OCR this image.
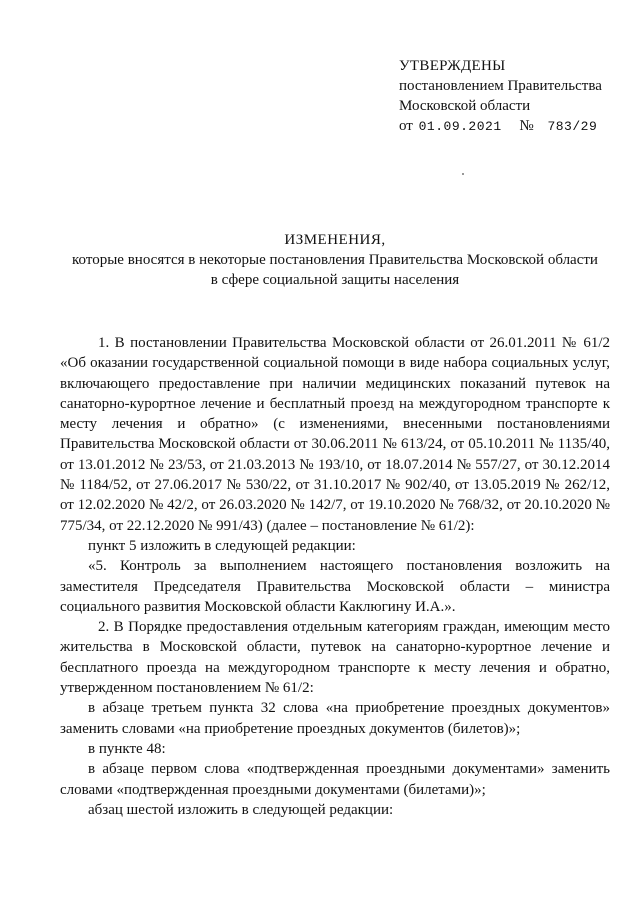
УТВЕРЖДЕНЫ
постановлением Правительства
Московской области
от 01.09.2021 № 783/29
ИЗМЕНЕНИЯ,
которые вносятся в некоторые постановления Правительства Московской области
в сфере социальной защиты населения

1. В постановлении Правительства Московской области от 26.01.2011 № 61/2 «Об оказании государственной социальной помощи в виде набора социальных услуг, включающего предоставление при наличии медицинских показаний путевок на санаторно-курортное лечение и бесплатный проезд на междугородном транспорте к месту лечения и обратно» (с изменениями, внесенными постановлениями Правительства Московской области от 30.06.2011 № 613/24, от 05.10.2011 № 1135/40, от 13.01.2012 № 23/53, от 21.03.2013 № 193/10, от 18.07.2014 № 557/27, от 30.12.2014 № 1184/52, от 27.06.2017 № 530/22, от 31.10.2017 № 902/40, от 13.05.2019 № 262/12, от 12.02.2020 № 42/2, от 26.03.2020 № 142/7, от 19.10.2020 № 768/32, от 20.10.2020 № 775/34, от 22.12.2020 № 991/43) (далее – постановление № 61/2):

пункт 5 изложить в следующей редакции:

«5. Контроль за выполнением настоящего постановления возложить на заместителя Председателя Правительства Московской области – министра социального развития Московской области Каклюгину И.А.».

2. В Порядке предоставления отдельным категориям граждан, имеющим место жительства в Московской области, путевок на санаторно-курортное лечение и бесплатного проезда на междугородном транспорте к месту лечения и обратно, утвержденном постановлением № 61/2:

в абзаце третьем пункта 32 слова «на приобретение проездных документов» заменить словами «на приобретение проездных документов (билетов)»;

в пункте 48:

в абзаце первом слова «подтвержденная проездными документами» заменить словами «подтвержденная проездными документами (билетами)»;

абзац шестой изложить в следующей редакции:
